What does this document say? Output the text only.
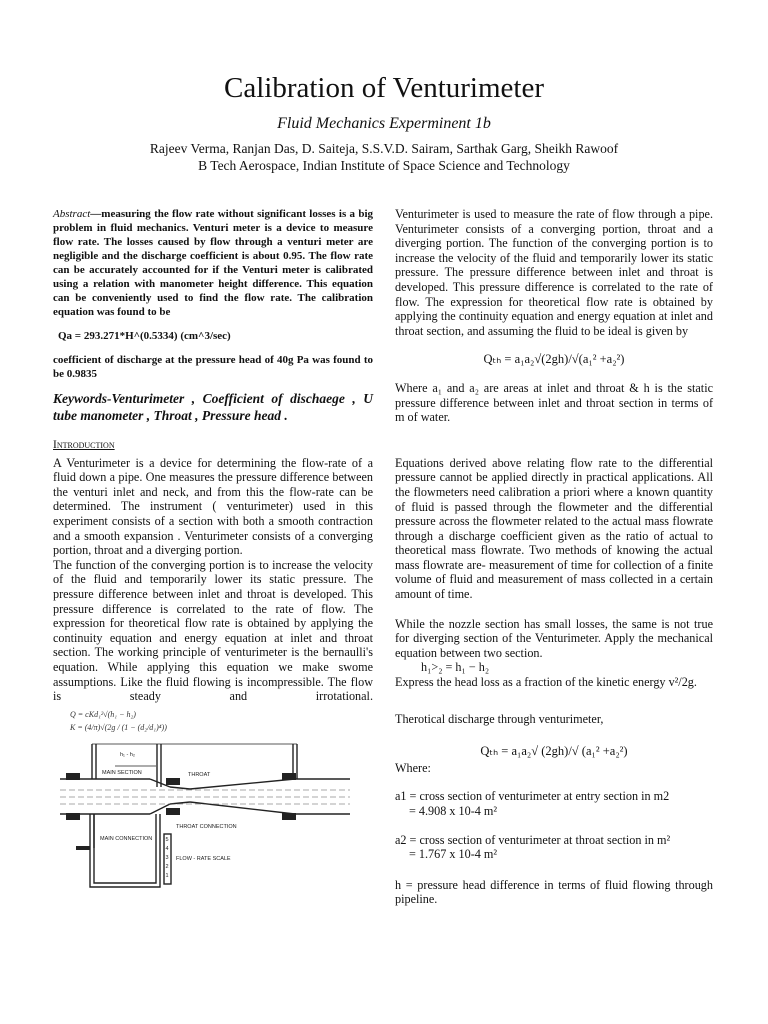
Calibration of Venturimeter
Fluid Mechanics Experminent 1b
Rajeev Verma, Ranjan Das, D. Saiteja, S.S.V.D. Sairam, Sarthak Garg, Sheikh Rawoof
B Tech Aerospace, Indian Institute of Space Science and Technology

Abstract—measuring the flow rate without significant losses is a big problem in fluid mechanics. Venturi meter is a device to measure flow rate. The losses caused by flow through a venturi meter are negligible and the discharge coefficient is about 0.95. The flow rate can be accurately accounted for if the Venturi meter is calibrated using a relation with manometer height difference. This equation can be conveniently used to find the flow rate. The calibration equation was found to be

Qa = 293.271*H^(0.5334) (cm^3/sec)
coefficient of discharge at the pressure head of 40g Pa was found to be 0.9835
Keywords-Venturimeter , Coefficient of dischaege , U tube manometer , Throat , Pressure head .
Introduction

A Venturimeter is a device for determining the flow-rate of a fluid down a pipe. One measures the pressure difference between the venturi inlet and neck, and from this the flow-rate can be determined. The instrument ( venturimeter) used in this experiment consists of a section with both a smooth contraction and a smooth expansion . Venturimeter consists of a converging portion, throat and a diverging portion.

The function of the converging portion is to increase the velocity of the fluid and temporarily lower its static pressure. The pressure difference between inlet and throat is developed. This pressure difference is correlated to the rate of flow. The expression for theoretical flow rate is obtained by applying the continuity equation and energy equation at inlet and throat section. The working principle of venturimeter is the bernaulli's equation. While applying this equation we make swome assumptions. Like the fluid flowing is incompressible. The flow is steady and irrotational.

Q = cKd₁²√(h₁ − h₂)
K = (4/π)√(2g / (1 − (d₂/d₁)⁴))
h₁ - h₂
MAIN SECTION	THROAT
THROAT CONNECTION
MAIN CONNECTION
FLOW - RATE SCALE
5
4
3
2
1
Venturimeter is used to measure the rate of flow through a pipe. Venturimeter consists of a converging portion, throat and a diverging portion. The function of the converging portion is to increase the velocity of the fluid and temporarily lower its static pressure. The pressure difference between inlet and throat is developed. This pressure difference is correlated to the rate of flow. The expression for theoretical flow rate is obtained by applying the continuity equation and energy equation at inlet and throat section, and assuming the fluid to be ideal is given by
Qₜₕ = a₁a₂√(2gh)/√(a₁² +a₂²)
Where a₁ and a₂ are areas at inlet and throat & h is the static pressure difference between inlet and throat section in terms of m of water.
Equations derived above relating flow rate to the differential pressure cannot be applied directly in practical applications. All the flowmeters need calibration a priori where a known quantity of fluid is passed through the flowmeter and the differential pressure across the flowmeter related to the actual mass flowrate through a discharge coefficient given as the ratio of actual to theoretical mass flowrate. Two methods of knowing the actual mass flowrate are- measurement of time for collection of a finite volume of fluid and measurement of mass collected in a certain amount of time.
While the nozzle section has small losses, the same is not true for diverging section of the Venturimeter. Apply the mechanical equation between two section.
h₁>₂ = h₁ − h₂
Express the head loss as a fraction of the kinetic energy v²/2g.
Therotical discharge through venturimeter,
Qₜₕ = a₁a₂√ (2gh)/√ (a₁² +a₂²)
Where:
a1 = cross section of venturimeter at entry section in m2
= 4.908 x 10-4 m²
a2 = cross section of venturimeter at throat section in m²
= 1.767 x 10-4 m²
h = pressure head difference in terms of fluid flowing through pipeline.
